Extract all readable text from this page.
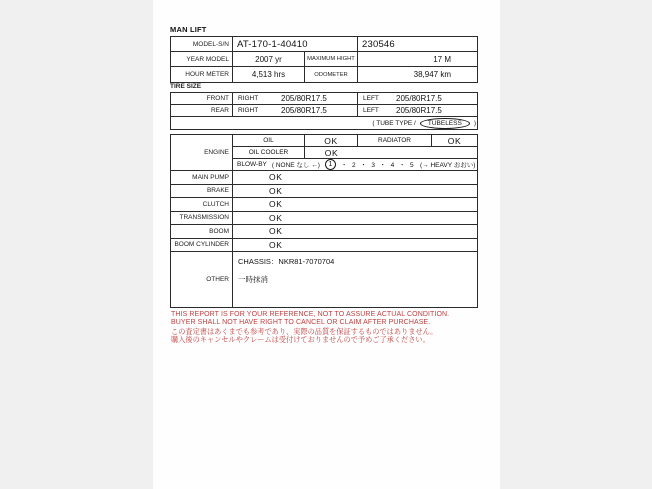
MAN LIFT
MODEL-S/N AT-170-1-40410	230546
YEAR MODEL	2007 yr	MAXIMUM HIGHT	17 M
HOUR METER	4,513 hrs	ODOMETER	38,947 km
TIRE SIZE
FRONT	RIGHT	205/80R17.5	LEFT	205/80R17.5
REAR	RIGHT	205/80R17.5	LEFT	205/80R17.5
( TUBE TYPE /	TUBELESS	)
ENGINE
OIL	OK	RADIATOR	OK
OIL COOLER	OK
BLOW-BY ( NONE なし ←)	1	・ 2 ・ 3 ・ 4 ・ 5 (→ HEAVY おおい)
MAIN PUMP	OK
BRAKE	OK
CLUTCH	OK
TRANSMISSION	OK
BOOM	OK
BOOM CYLINDER	OK
OTHER
CHASSIS：NKR81-7070704
一時抹消
THIS REPORT IS FOR YOUR REFERENCE, NOT TO ASSURE ACTUAL CONDITION.
BUYER SHALL NOT HAVE RIGHT TO CANCEL OR CLAIM AFTER PURCHASE.
この査定書はあくまでも参考であり、実際の品質を保証するものではありません。
購入後のキャンセルやクレームは受付けておりませんので予めご了承ください。
